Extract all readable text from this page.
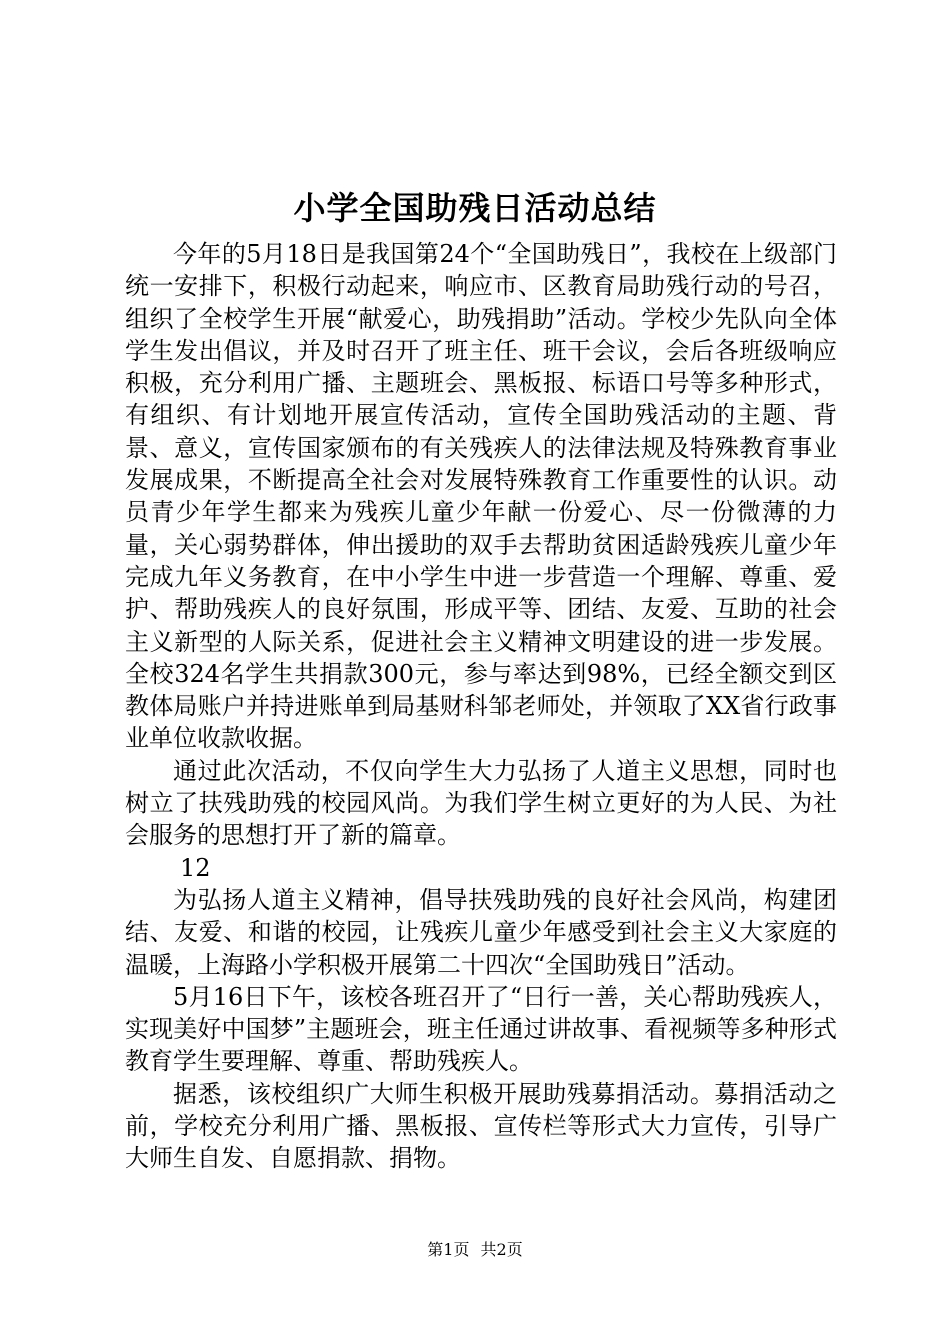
小学全国助残日活动总结

今年的5月18日是我国第24个“全国助残日”，我校在上级部门统一安排下，积极行动起来，响应市、区教育局助残行动的号召，组织了全校学生开展“献爱心，助残捐助”活动。学校少先队向全体学生发出倡议，并及时召开了班主任、班干会议，会后各班级响应积极，充分利用广播、主题班会、黑板报、标语口号等多种形式，有组织、有计划地开展宣传活动，宣传全国助残活动的主题、背景、意义，宣传国家颁布的有关残疾人的法律法规及特殊教育事业发展成果，不断提高全社会对发展特殊教育工作重要性的认识。动员青少年学生都来为残疾儿童少年献一份爱心、尽一份微薄的力量，关心弱势群体，伸出援助的双手去帮助贫困适龄残疾儿童少年完成九年义务教育，在中小学生中进一步营造一个理解、尊重、爱护、帮助残疾人的良好氛围，形成平等、团结、友爱、互助的社会主义新型的人际关系，促进社会主义精神文明建设的进一步发展。全校324名学生共捐款300元，参与率达到98%，已经全额交到区教体局账户并持进账单到局基财科邹老师处，并领取了XX省行政事业单位收款收据。

通过此次活动，不仅向学生大力弘扬了人道主义思想，同时也树立了扶残助残的校园风尚。为我们学生树立更好的为人民、为社会服务的思想打开了新的篇章。

12

为弘扬人道主义精神，倡导扶残助残的良好社会风尚，构建团结、友爱、和谐的校园，让残疾儿童少年感受到社会主义大家庭的温暖，上海路小学积极开展第二十四次“全国助残日”活动。

5月16日下午，该校各班召开了“日行一善，关心帮助残疾人，实现美好中国梦”主题班会，班主任通过讲故事、看视频等多种形式教育学生要理解、尊重、帮助残疾人。

据悉，该校组织广大师生积极开展助残募捐活动。募捐活动之前，学校充分利用广播、黑板报、宣传栏等形式大力宣传，引导广大师生自发、自愿捐款、捐物。

第1页 共2页
